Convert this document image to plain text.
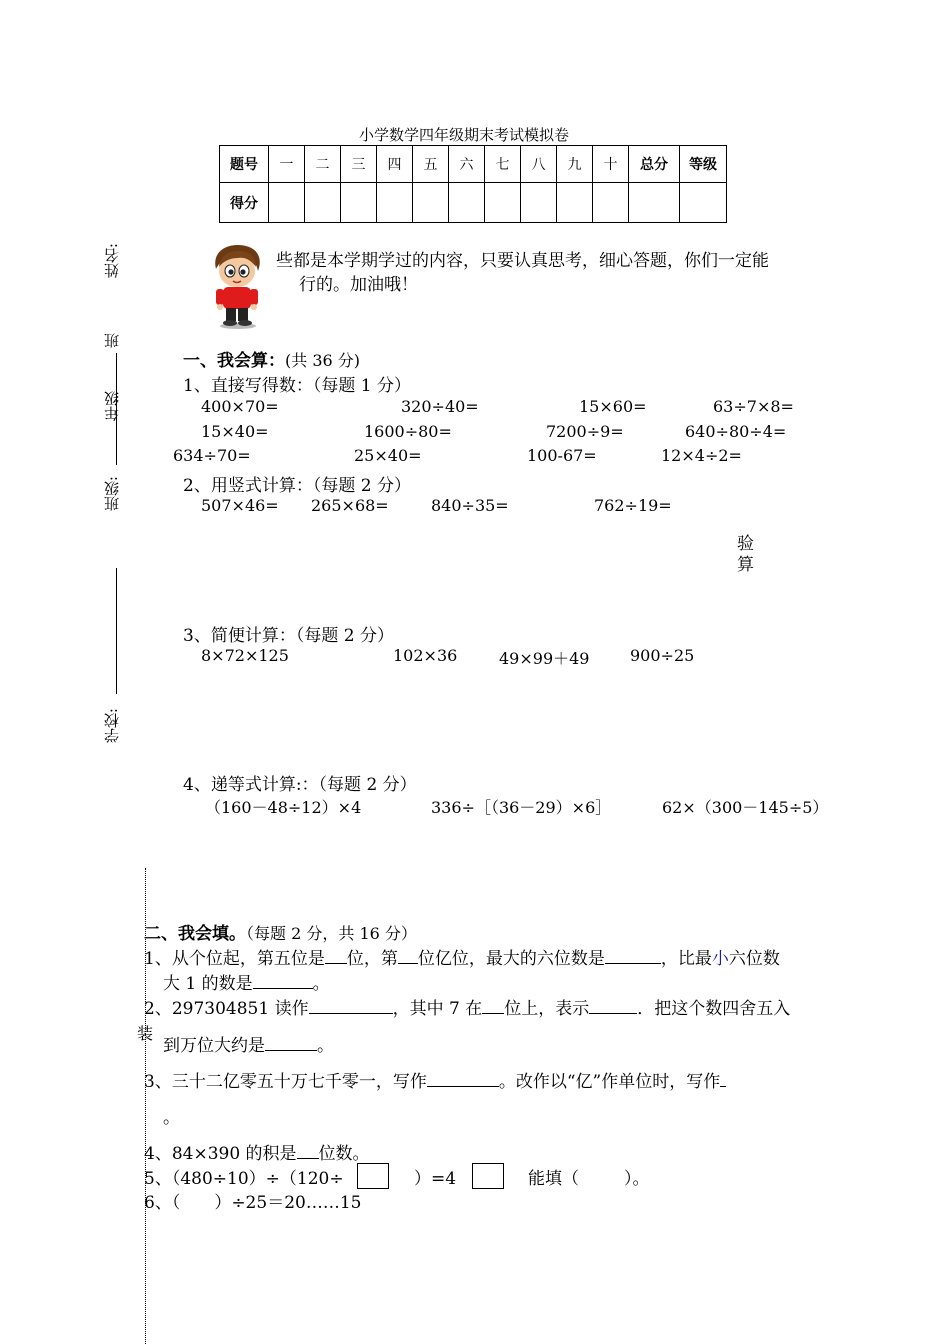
小学数学四年级期末考试模拟卷
题号	一	二	三	四	五	六	七	八	九	十	总分	等级
得分												
姓名:
班
年级
班级:
学校:
些都是本学期学过的内容，只要认真思考，细心答题，你们一定能
行的。加油哦！
一、我会算：(共 36 分)
1、直接写得数：（每题 1 分）
400×70=	320÷40=	15×60=	63÷7×8=
15×40=	1600÷80=	7200÷9=	640÷80÷4=
634÷70=	25×40=	100-67=	12×4÷2=
2、用竖式计算：（每题 2 分）
507×46= 265×68=	840÷35=	762÷19=
验
算
3、简便计算：（每题 2 分）
8×72×125	102×36	49×99＋49	900÷25
4、递等式计算:：（每题 2 分）
（160－48÷12）×4	336÷［（36－29）×6］	62×（300－145÷5）
装
二、我会填。（每题 2 分，共 16 分）
1、从个位起，第五位是 位，第 位亿位，最大的六位数是	，比最小六位数
大 1 的数是	。
2、297304851 读作	，其中 7 在 位上，表示	．把这个数四舍五入
到万位大约是	。
3、三十二亿零五十万七千零一，写作	。改作以“亿”作单位时，写作
。
4、84×390 的积是 位数。
5、（480÷10）÷（120÷	）=4	能填（	）。
6、（　　）÷25＝20……15
